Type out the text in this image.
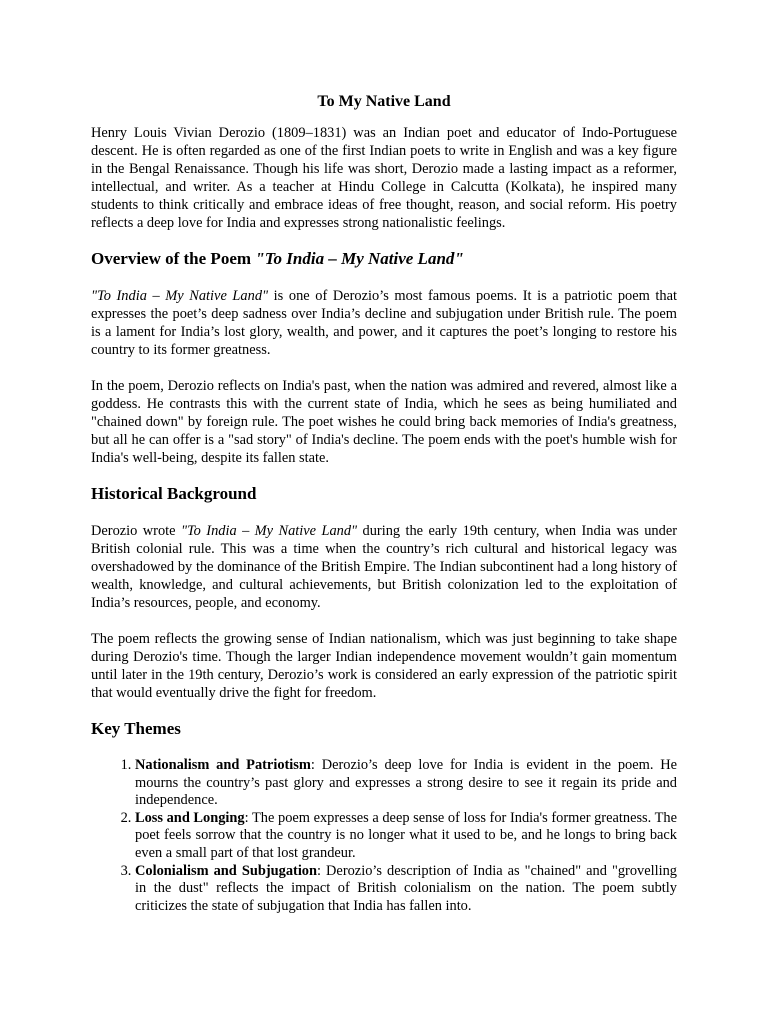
To My Native Land

Henry Louis Vivian Derozio (1809–1831) was an Indian poet and educator of Indo-Portuguese descent. He is often regarded as one of the first Indian poets to write in English and was a key figure in the Bengal Renaissance. Though his life was short, Derozio made a lasting impact as a reformer, intellectual, and writer. As a teacher at Hindu College in Calcutta (Kolkata), he inspired many students to think critically and embrace ideas of free thought, reason, and social reform. His poetry reflects a deep love for India and expresses strong nationalistic feelings.

Overview of the Poem "To India – My Native Land"

"To India – My Native Land" is one of Derozio’s most famous poems. It is a patriotic poem that expresses the poet’s deep sadness over India’s decline and subjugation under British rule. The poem is a lament for India’s lost glory, wealth, and power, and it captures the poet’s longing to restore his country to its former greatness.

In the poem, Derozio reflects on India's past, when the nation was admired and revered, almost like a goddess. He contrasts this with the current state of India, which he sees as being humiliated and "chained down" by foreign rule. The poet wishes he could bring back memories of India's greatness, but all he can offer is a "sad story" of India's decline. The poem ends with the poet's humble wish for India's well-being, despite its fallen state.

Historical Background

Derozio wrote "To India – My Native Land" during the early 19th century, when India was under British colonial rule. This was a time when the country’s rich cultural and historical legacy was overshadowed by the dominance of the British Empire. The Indian subcontinent had a long history of wealth, knowledge, and cultural achievements, but British colonization led to the exploitation of India’s resources, people, and economy.

The poem reflects the growing sense of Indian nationalism, which was just beginning to take shape during Derozio's time. Though the larger Indian independence movement wouldn’t gain momentum until later in the 19th century, Derozio’s work is considered an early expression of the patriotic spirit that would eventually drive the fight for freedom.

Key Themes
1. Nationalism and Patriotism: Derozio’s deep love for India is evident in the poem. He mourns the country’s past glory and expresses a strong desire to see it regain its pride and independence.
2. Loss and Longing: The poem expresses a deep sense of loss for India's former greatness. The poet feels sorrow that the country is no longer what it used to be, and he longs to bring back even a small part of that lost grandeur.
3. Colonialism and Subjugation: Derozio’s description of India as "chained" and "grovelling in the dust" reflects the impact of British colonialism on the nation. The poem subtly criticizes the state of subjugation that India has fallen into.
